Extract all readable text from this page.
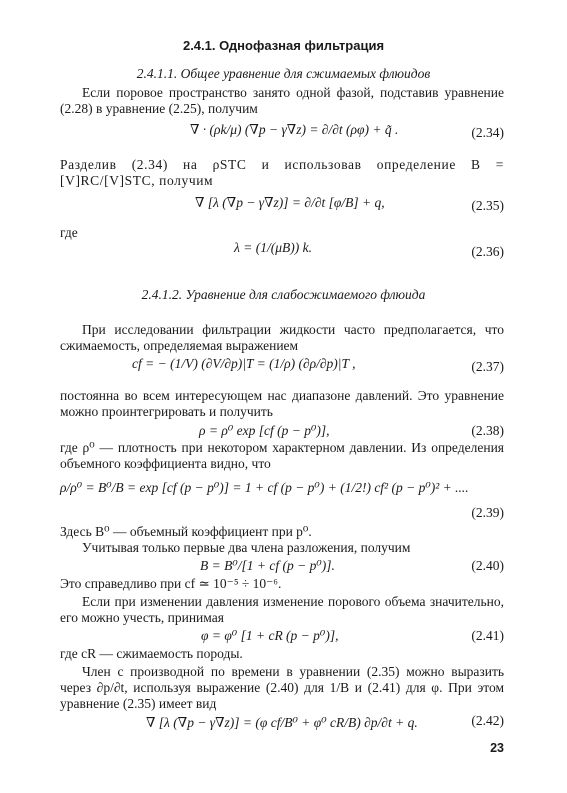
2.4.1. Однофазная фильтрация
2.4.1.1. Общее уравнение для сжимаемых флюидов
Если поровое пространство занято одной фазой, подставив уравнение (2.28) в уравнение (2.25), получим
∇ · (ρk/μ) (∇p − γ∇z) = ∂/∂t (ρφ) + q̃ .	(2.34)
Разделив (2.34) на ρSTC и использовав определение B = [V]RC/[V]STC, получим
∇ [λ (∇p − γ∇z)] = ∂/∂t [φ/B] + q,	(2.35)
где
λ = (1/(μB)) k.	(2.36)
2.4.1.2. Уравнение для слабосжимаемого флюида
При исследовании фильтрации жидкости часто предполагается, что сжимаемость, определяемая выражением
cf = − (1/V) (∂V/∂p)|T = (1/ρ) (∂ρ/∂p)|T ,	(2.37)
постоянна во всем интересующем нас диапазоне давлений. Это уравнение можно проинтегрировать и получить
ρ = ρ⁰ exp [cf (p − p⁰)],	(2.38)
где ρ⁰ — плотность при некотором характерном давлении. Из определения объемного коэффициента видно, что
ρ/ρ⁰ = B⁰/B = exp [cf (p − p⁰)] = 1 + cf (p − p⁰) + (1/2!) cf² (p − p⁰)² + ....
(2.39)
Здесь B⁰ — объемный коэффициент при p⁰.
Учитывая только первые два члена разложения, получим
B = B⁰/[1 + cf (p − p⁰)].	(2.40)
Это справедливо при cf ≃ 10⁻⁵ ÷ 10⁻⁶.
Если при изменении давления изменение порового объема значительно, его можно учесть, принимая
φ = φ⁰ [1 + cR (p − p⁰)],	(2.41)
где cR — сжимаемость породы.
Член с производной по времени в уравнении (2.35) можно выразить через ∂p/∂t, используя выражение (2.40) для 1/B и (2.41) для φ. При этом уравнение (2.35) имеет вид
∇ [λ (∇p − γ∇z)] = (φ cf/B⁰ + φ⁰ cR/B) ∂p/∂t + q.	(2.42)
23
